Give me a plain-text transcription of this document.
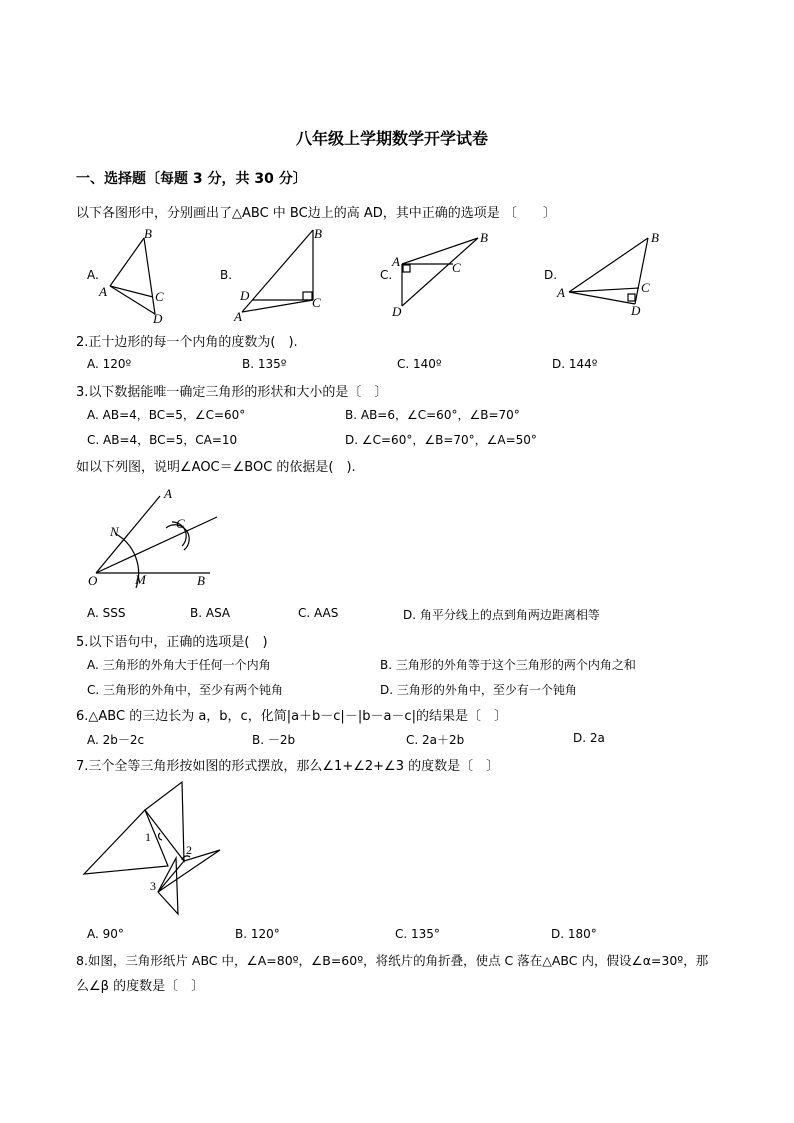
八年级上学期数学开学试卷
一、选择题〔每题 3 分，共 30 分〕
以下各图形中，分别画出了△ABC 中 BC边上的高 AD，其中正确的选项是 〔　　〕
A.	B.	C.	D.
B
A	C
D
B
D	C
A
A
B
C
D
B
A	C
D
2.正十边形的每一个内角的度数为(　).
A. 120º	B. 135º	C. 140º	D. 144º
3.以下数据能唯一确定三角形的形状和大小的是〔　〕
A. AB=4，BC=5，∠C=60°	B. AB=6，∠C=60°，∠B=70°
C. AB=4，BC=5，CA=10	D. ∠C=60°，∠B=70°，∠A=50°
如以下列图，说明∠AOC＝∠BOC 的依据是(　).
A
N
C
O	M	B
A. SSS	B. ASA	C. AAS	D. 角平分线上的点到角两边距离相等
5.以下语句中，正确的选项是(　)
A. 三角形的外角大于任何一个内角	B. 三角形的外角等于这个三角形的两个内角之和
C. 三角形的外角中，至少有两个钝角	D. 三角形的外角中，至少有一个钝角
6.△ABC 的三边长为 a，b，c，化简|a＋b－c|－|b－a－c|的结果是〔　〕
A. 2b－2c	B. －2b	C. 2a＋2b	D. 2a
7.三个全等三角形按如图的形式摆放，那么∠1+∠2+∠3 的度数是〔　〕
1
2
3
A. 90°	B. 120°	C. 135°	D. 180°
8.如图，三角形纸片 ABC 中，∠A=80º，∠B=60º，将纸片的角折叠，使点 C 落在△ABC 内，假设∠α=30º，那
么∠β 的度数是〔　〕
